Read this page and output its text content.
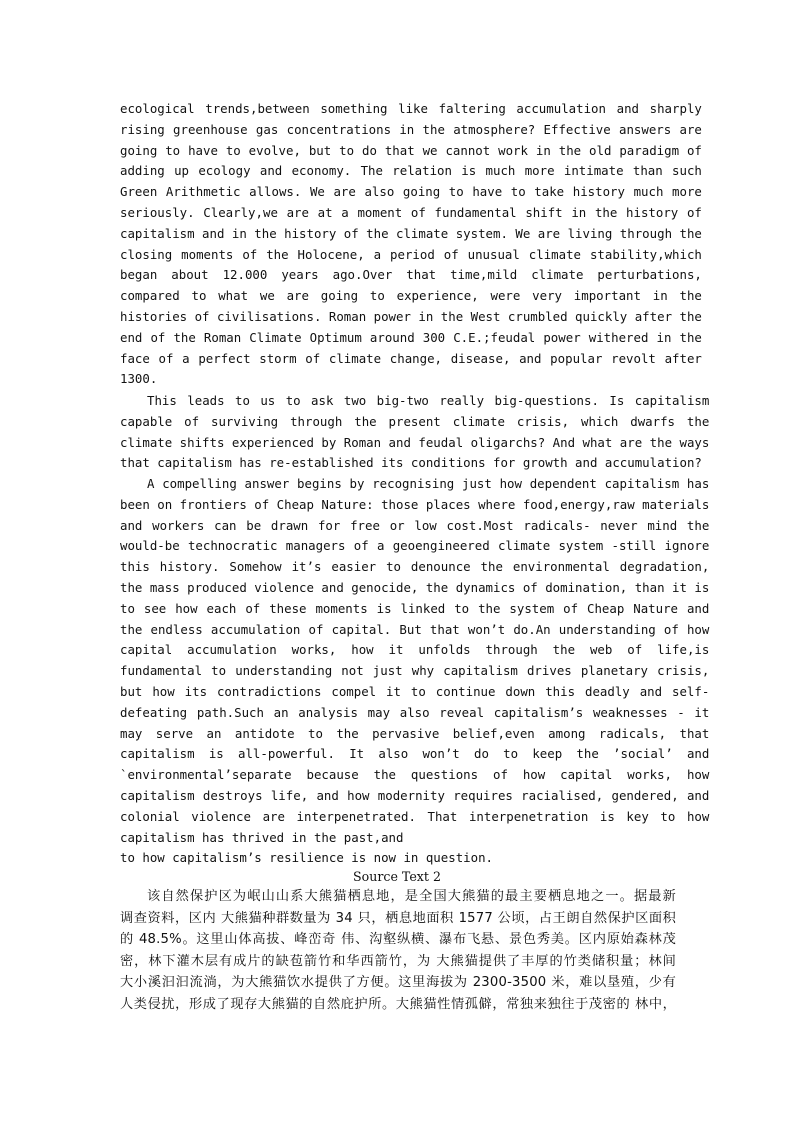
ecological trends,between something like faltering accumulation and sharply
rising greenhouse gas concentrations in the atmosphere? Effective answers are
going to have to evolve, but to do that we cannot work in the old paradigm of
adding up ecology and economy. The relation is much more intimate than such
Green Arithmetic allows. We are also going to have to take history much more
seriously. Clearly,we are at a moment of fundamental shift in the history of
capitalism and in the history of the climate system. We are living through the
closing moments of the Holocene, a period of unusual climate stability,which
began about 12.000 years ago.Over that time,mild climate perturbations,
compared to what we are going to experience, were very important in the
histories of civilisations. Roman power in the West crumbled quickly after the
end of the Roman Climate Optimum around 300 C.E.;feudal power withered in the
face of a perfect storm of climate change, disease, and popular revolt after
1300.
This leads to us to ask two big-two really big-questions. Is capitalism
capable of surviving through the present climate crisis, which dwarfs the
climate shifts experienced by Roman and feudal oligarchs? And what are the ways
that capitalism has re-established its conditions for growth and accumulation?
A compelling answer begins by recognising just how dependent capitalism has
been on frontiers of Cheap Nature: those places where food,energy,raw materials
and workers can be drawn for free or low cost.Most radicals- never mind the
would-be technocratic managers of a geoengineered climate system -still ignore
this history. Somehow it’s easier to denounce the environmental degradation,
the mass produced violence and genocide, the dynamics of domination, than it is
to see how each of these moments is linked to the system of Cheap Nature and
the endless accumulation of capital. But that won’t do.An understanding of how
capital accumulation works, how it unfolds through the web of life,is
fundamental to understanding not just why capitalism drives planetary crisis,
but how its contradictions compel it to continue down this deadly and self-
defeating path.Such an analysis may also reveal capitalism’s weaknesses - it
may serve an antidote to the pervasive belief,even among radicals, that
capitalism is all-powerful. It also won’t do to keep the ’social’ and
`environmental’separate because the questions of how capital works, how
capitalism destroys life, and how modernity requires racialised, gendered, and
colonial violence are interpenetrated. That interpenetration is key to how
capitalism has thrived in the past,and
to how capitalism’s resilience is now in question.
Source Text 2
该自然保护区为岷山山系大熊猫栖息地，是全国大熊猫的最主要栖息地之一。据最新
调查资料，区内 大熊猫种群数量为 34 只，栖息地面积 1577 公顷，占王朗自然保护区面积
的 48.5%。这里山体高拔、峰峦奇 伟、沟壑纵横、瀑布飞悬、景色秀美。区内原始森林茂
密，林下灌木层有成片的缺苞箭竹和华西箭竹，为 大熊猫提供了丰厚的竹类储积量；林间
大小溪汩汩流淌，为大熊猫饮水提供了方便。这里海拔为 2300-3500 米，难以垦殖，少有
人类侵扰，形成了现存大熊猫的自然庇护所。大熊猫性情孤僻，常独来独往于茂密的 林中，
